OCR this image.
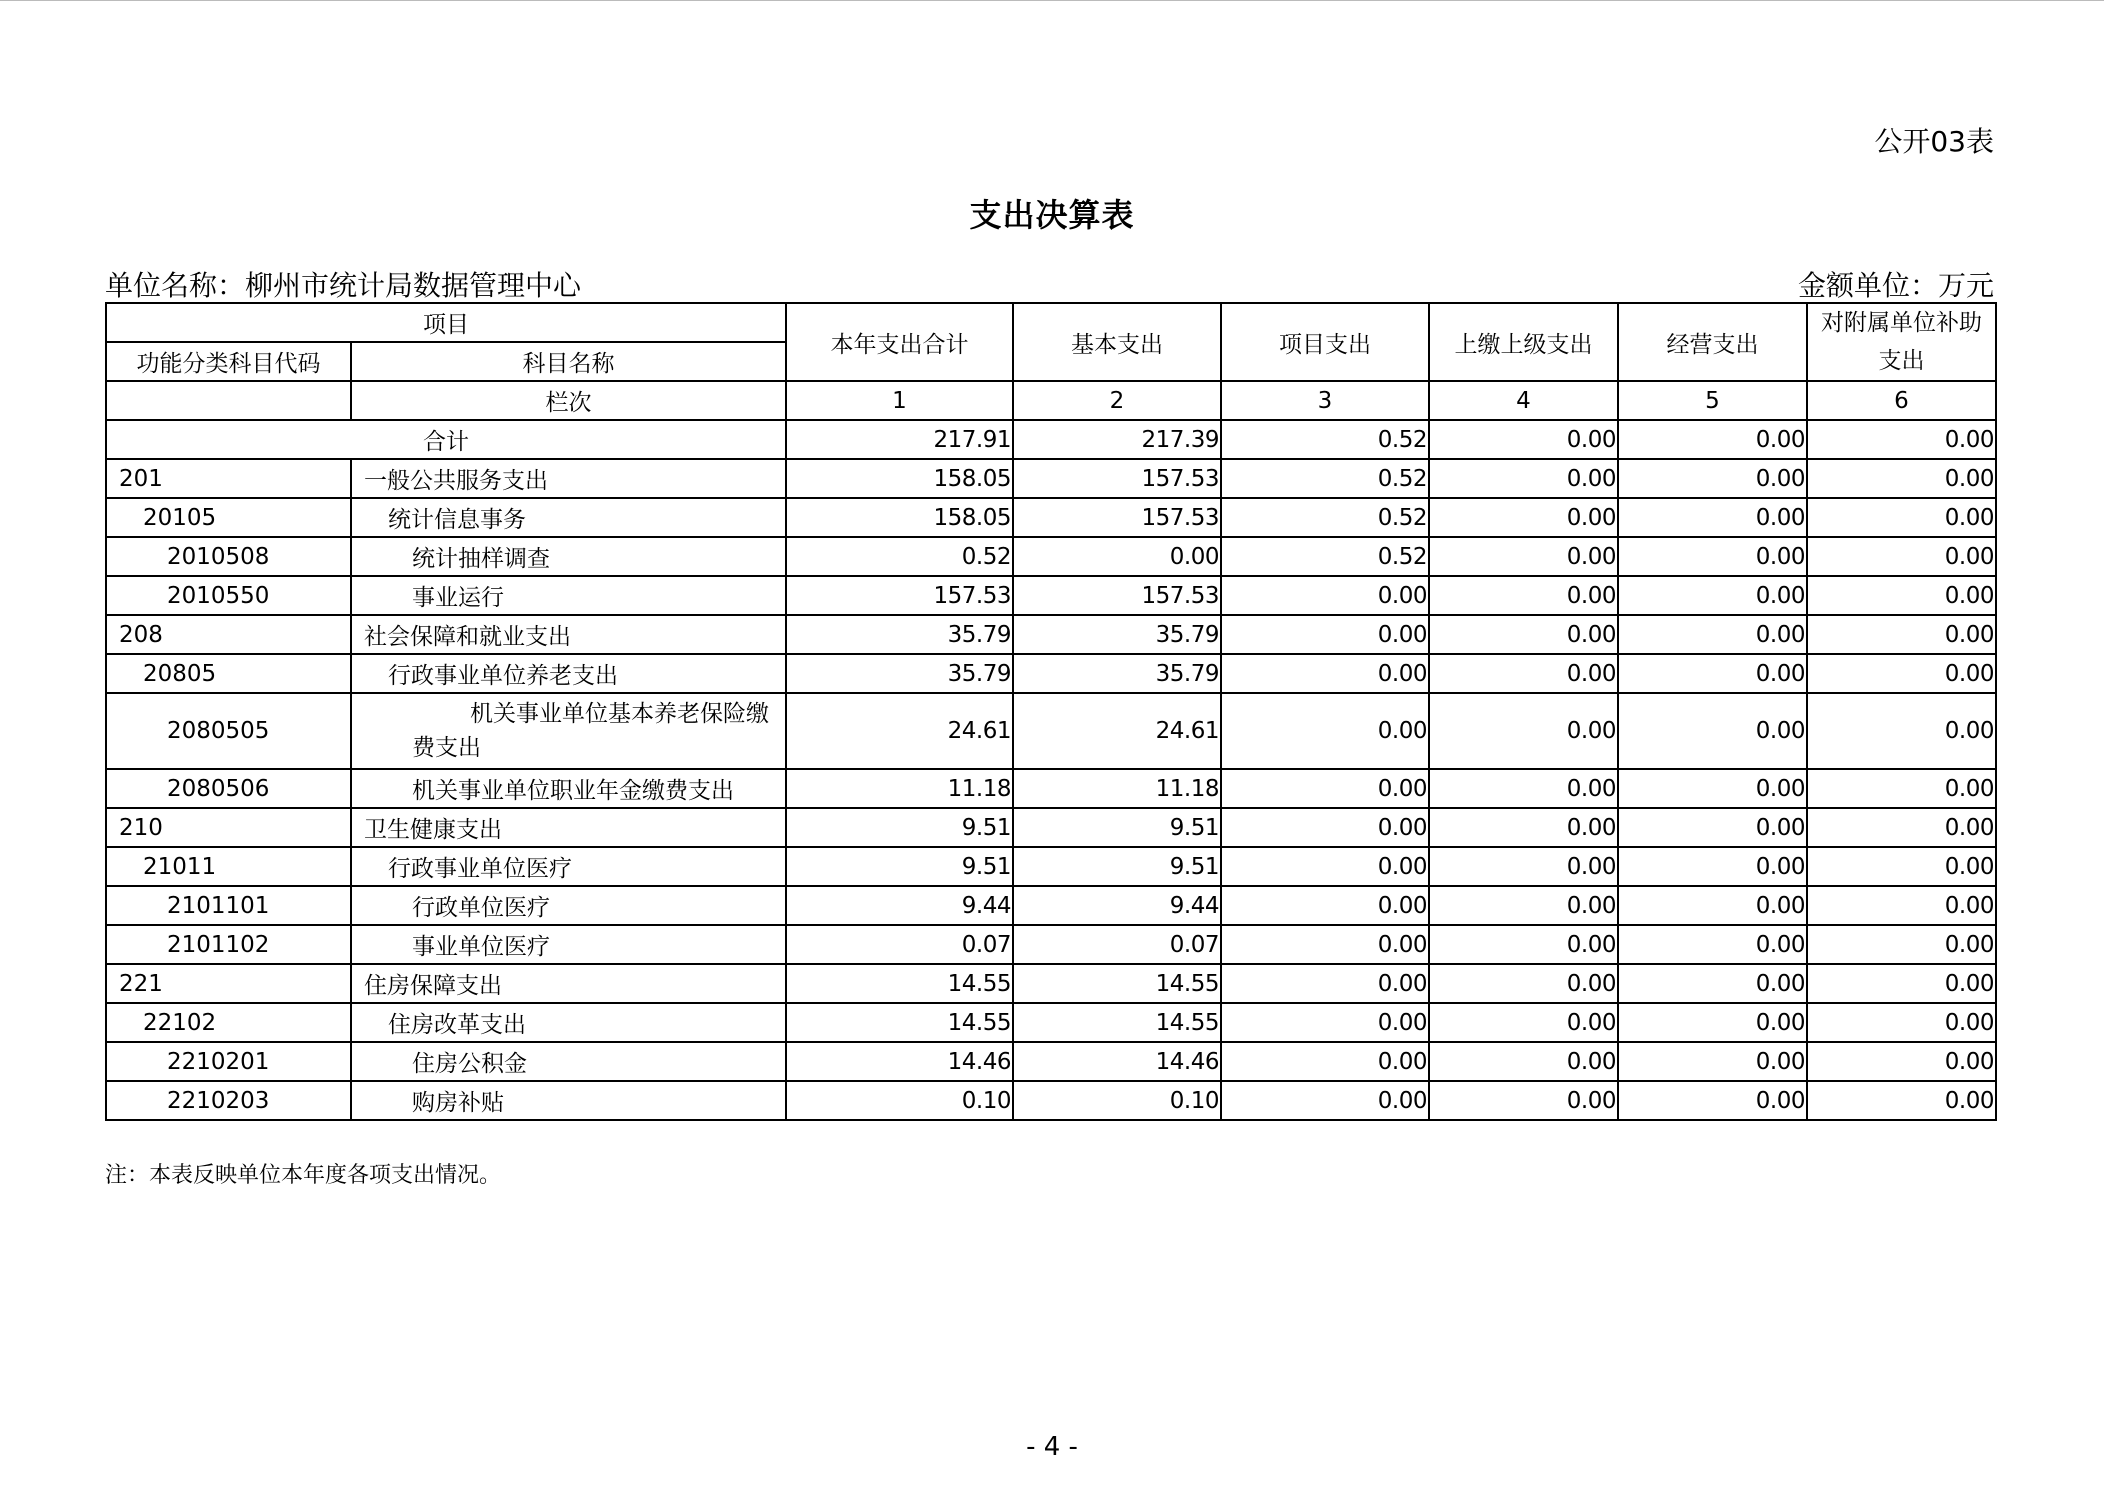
公开03表
支出决算表
单位名称：柳州市统计局数据管理中心	金额单位：万元
项目		本年支出合计	基本支出	项目支出	上缴上级支出	经营支出	对附属单位补助支出
功能分类科目代码	科目名称						
	栏次	1	2	3	4	5	6
合计		217.91	217.39	0.52	0.00	0.00	0.00
201	一般公共服务支出	158.05	157.53	0.52	0.00	0.00	0.00
20105	统计信息事务	158.05	157.53	0.52	0.00	0.00	0.00
2010508	统计抽样调查	0.52	0.00	0.52	0.00	0.00	0.00
2010550	事业运行	157.53	157.53	0.00	0.00	0.00	0.00
208	社会保障和就业支出	35.79	35.79	0.00	0.00	0.00	0.00
20805	行政事业单位养老支出	35.79	35.79	0.00	0.00	0.00	0.00
2080505	机关事业单位基本养老保险缴费支出	24.61	24.61	0.00	0.00	0.00	0.00
2080506	机关事业单位职业年金缴费支出	11.18	11.18	0.00	0.00	0.00	0.00
210	卫生健康支出	9.51	9.51	0.00	0.00	0.00	0.00
21011	行政事业单位医疗	9.51	9.51	0.00	0.00	0.00	0.00
2101101	行政单位医疗	9.44	9.44	0.00	0.00	0.00	0.00
2101102	事业单位医疗	0.07	0.07	0.00	0.00	0.00	0.00
221	住房保障支出	14.55	14.55	0.00	0.00	0.00	0.00
22102	住房改革支出	14.55	14.55	0.00	0.00	0.00	0.00
2210201	住房公积金	14.46	14.46	0.00	0.00	0.00	0.00
2210203	购房补贴	0.10	0.10	0.00	0.00	0.00	0.00
注：本表反映单位本年度各项支出情况。
- 4 -
